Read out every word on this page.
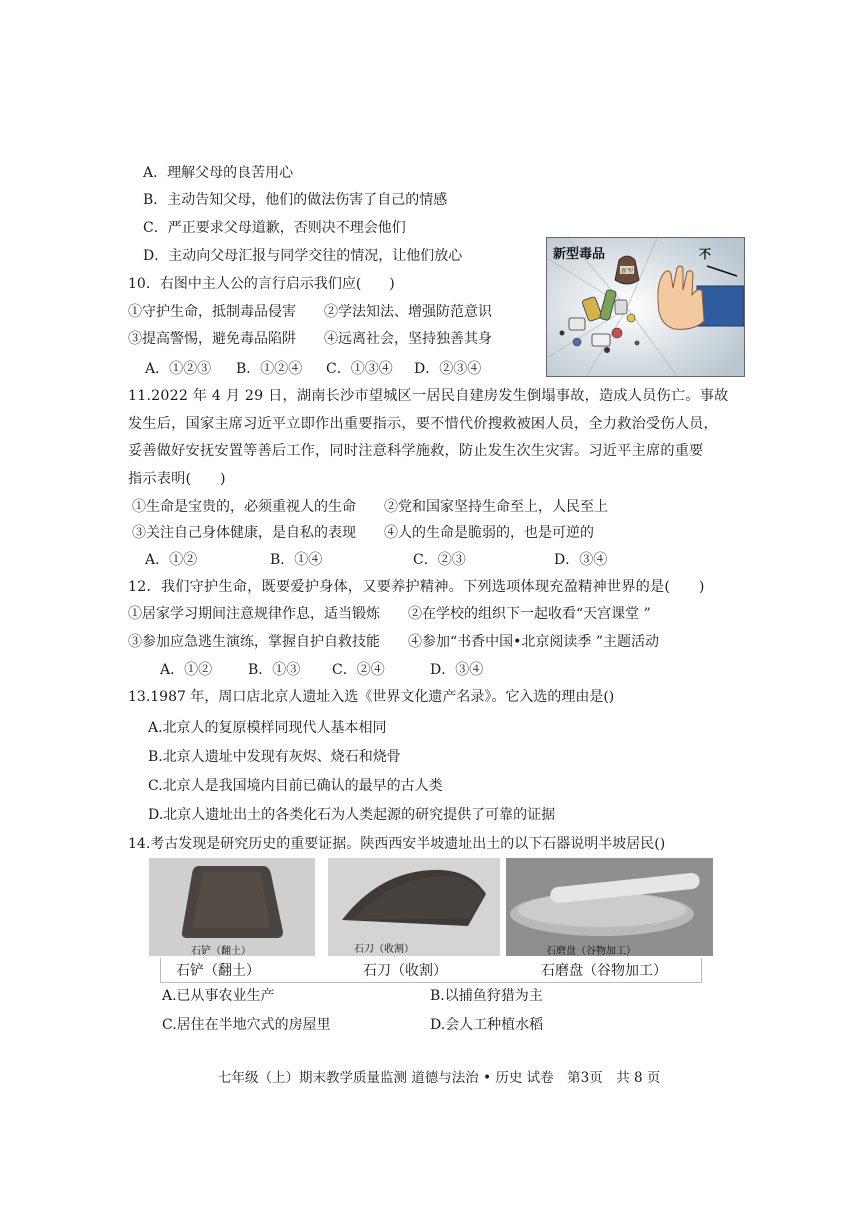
A．理解父母的良苦用心
B．主动告知父母，他们的做法伤害了自己的情感
C．严正要求父母道歉，否则决不理会他们
D．主动向父母汇报与同学交往的情况，让他们放心
10．右图中主人公的言行启示我们应(　　)
①守护生命，抵制毒品侵害　　②学法知法、增强防范意识
③提高警惕，避免毒品陷阱　　④远离社会，坚持独善其身
A．①②③ B．①②④ C．①③④ D．②③④
新型
新型毒品	不
11.2022 年 4 月 29 日，湖南长沙市望城区一居民自建房发生倒塌事故，造成人员伤亡。事故
发生后，国家主席习近平立即作出重要指示，要不惜代价搜救被困人员，全力救治受伤人员，
妥善做好安抚安置等善后工作，同时注意科学施救，防止发生次生灾害。习近平主席的重要
指示表明(　　)
①生命是宝贵的，必须重视人的生命　　②党和国家坚持生命至上，人民至上
③关注自己身体健康，是自私的表现　　④人的生命是脆弱的，也是可逆的
A．①②	B．①④	C．②③	D．③④
12．我们守护生命，既要爱护身体，又要养护精神。下列选项体现充盈精神世界的是(　　)
①居家学习期间注意规律作息，适当锻炼　　②在学校的组织下一起收看“天宫课堂 ”
③参加应急逃生演练，掌握自护自救技能　　④参加“书香中国•北京阅读季 ”主题活动
A．①②	B．①③ C．②④	D．③④
13.1987 年，周口店北京人遗址入选《世界文化遗产名录》。它入选的理由是()
A.北京人的复原模样同现代人基本相同
B.北京人遗址中发现有灰烬、烧石和烧骨
C.北京人是我国境内目前已确认的最早的古人类
D.北京人遗址出土的各类化石为人类起源的研究提供了可靠的证据
14.考古发现是研究历史的重要证据。陕西西安半坡遗址出土的以下石器说明半坡居民()
石铲（翻土）	石刀（收割）	石磨盘（谷物加工）
石铲（翻土）	石刀（收割）	石磨盘（谷物加工）
A.已从事农业生产	B.以捕鱼狩猎为主
C.居住在半地穴式的房屋里	D.会人工种植水稻
七年级（上）期末教学质量监测 道德与法治 • 历史 试卷　第3页　共 8 页
